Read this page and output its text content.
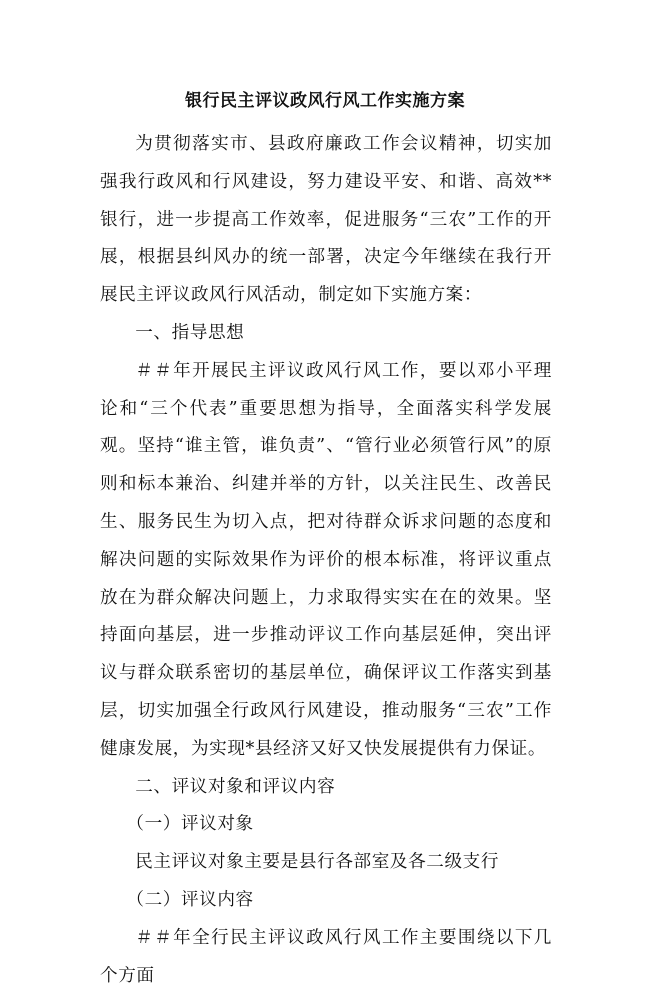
银行民主评议政风行风工作实施方案

为贯彻落实市、县政府廉政工作会议精神，切实加强我行政风和行风建设，努力建设平安、和谐、高效**银行，进一步提高工作效率，促进服务“三农”工作的开展，根据县纠风办的统一部署，决定今年继续在我行开展民主评议政风行风活动，制定如下实施方案：

一、指导思想

＃＃年开展民主评议政风行风工作，要以邓小平理论和“三个代表”重要思想为指导，全面落实科学发展观。坚持“谁主管，谁负责”、“管行业必须管行风”的原则和标本兼治、纠建并举的方针，以关注民生、改善民生、服务民生为切入点，把对待群众诉求问题的态度和解决问题的实际效果作为评价的根本标准，将评议重点放在为群众解决问题上，力求取得实实在在的效果。坚持面向基层，进一步推动评议工作向基层延伸，突出评议与群众联系密切的基层单位，确保评议工作落实到基层，切实加强全行政风行风建设，推动服务“三农”工作健康发展，为实现*县经济又好又快发展提供有力保证。

二、评议对象和评议内容

（一）评议对象

民主评议对象主要是县行各部室及各二级支行

（二）评议内容

＃＃年全行民主评议政风行风工作主要围绕以下几个方面
